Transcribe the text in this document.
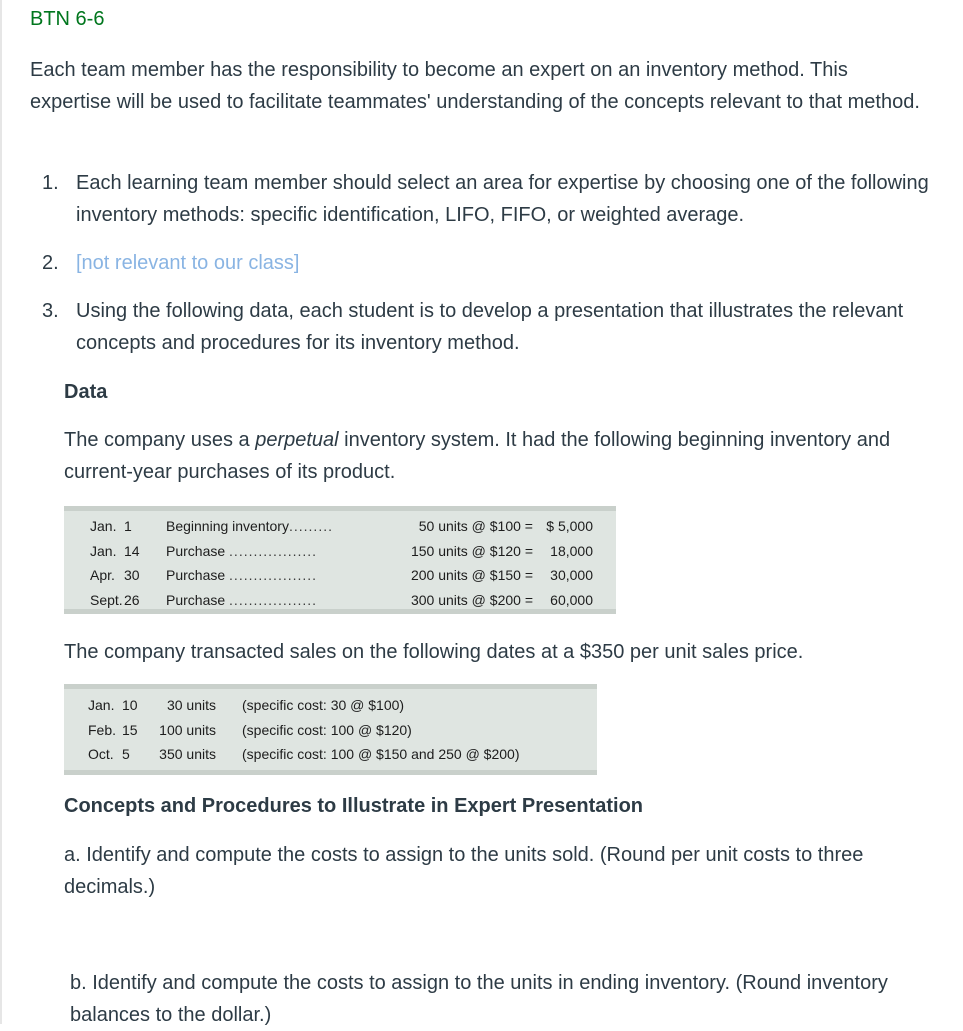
BTN 6-6
Each team member has the responsibility to become an expert on an inventory method. This expertise will be used to facilitate teammates' understanding of the concepts relevant to that method.
1. Each learning team member should select an area for expertise by choosing one of the following inventory methods: specific identification, LIFO, FIFO, or weighted average.
2. [not relevant to our class]
3. Using the following data, each student is to develop a presentation that illustrates the relevant concepts and procedures for its inventory method.
Data
The company uses a perpetual inventory system. It had the following beginning inventory and current-year purchases of its product.
Jan.	1	Beginning inventory.........	50 units @ $100 =	$ 5,000
Jan.	14	Purchase ..................	150 units @ $120 =	18,000
Apr.	30	Purchase ..................	200 units @ $150 =	30,000
Sept.	26	Purchase ..................	300 units @ $200 =	60,000
The company transacted sales on the following dates at a $350 per unit sales price.
Jan.	10	30 units	(specific cost: 30 @ $100)
Feb.	15	100 units	(specific cost: 100 @ $120)
Oct.	5	350 units	(specific cost: 100 @ $150 and 250 @ $200)
Concepts and Procedures to Illustrate in Expert Presentation
a. Identify and compute the costs to assign to the units sold. (Round per unit costs to three decimals.)
b. Identify and compute the costs to assign to the units in ending inventory. (Round inventory balances to the dollar.)
